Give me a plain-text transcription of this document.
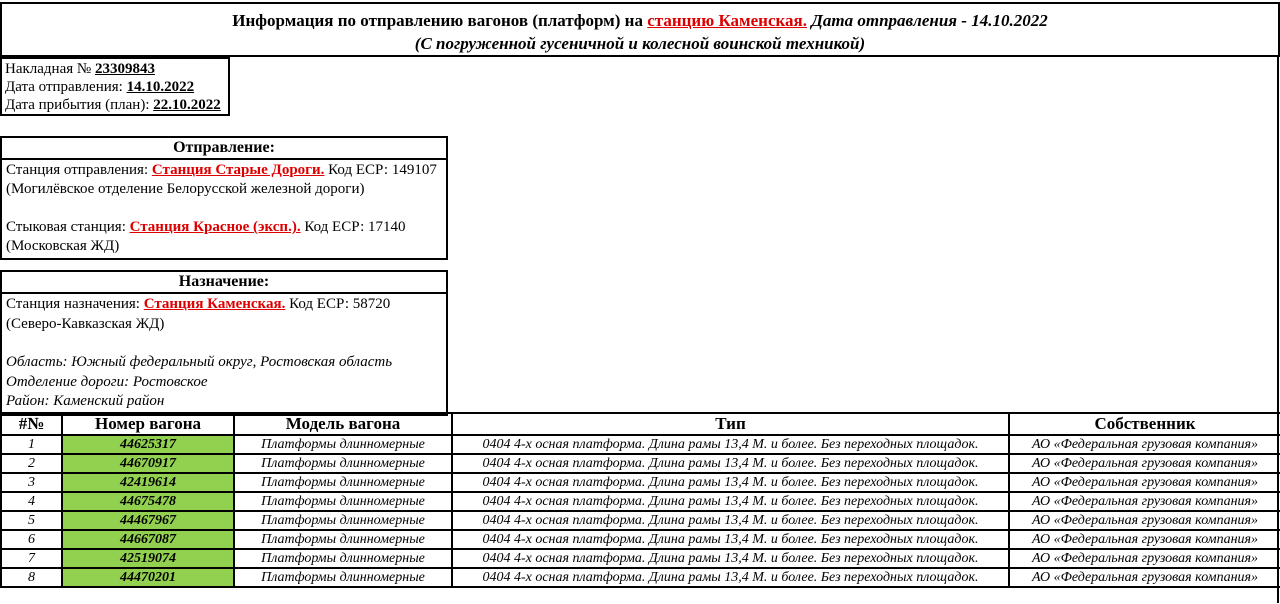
Информация по отправлению вагонов (платформ) на станцию Каменская. Дата отправления - 14.10.2022
(С погруженной гусеничной и колесной воинской техникой)
Накладная № 23309843
Дата отправления: 14.10.2022
Дата прибытия (план): 22.10.2022
Отправление:
Станция отправления: Станция Старые Дороги. Код ЕСР: 149107
(Могилёвское отделение Белорусской железной дороги)
Стыковая станция: Станция Красное (эксп.). Код ЕСР: 17140
(Московская ЖД)
Назначение:
Станция назначения: Станция Каменская. Код ЕСР: 58720
(Северо-Кавказская ЖД)
Область: Южный федеральный округ, Ростовская область
Отделение дороги: Ростовское
Район: Каменский район
#№	Номер вагона	Модель вагона	Тип	Собственник
1	44625317	Платформы длинномерные	0404 4-х осная платформа. Длина рамы 13,4 М. и более. Без переходных площадок.	АО «Федеральная грузовая компания»
2	44670917	Платформы длинномерные	0404 4-х осная платформа. Длина рамы 13,4 М. и более. Без переходных площадок.	АО «Федеральная грузовая компания»
3	42419614	Платформы длинномерные	0404 4-х осная платформа. Длина рамы 13,4 М. и более. Без переходных площадок.	АО «Федеральная грузовая компания»
4	44675478	Платформы длинномерные	0404 4-х осная платформа. Длина рамы 13,4 М. и более. Без переходных площадок.	АО «Федеральная грузовая компания»
5	44467967	Платформы длинномерные	0404 4-х осная платформа. Длина рамы 13,4 М. и более. Без переходных площадок.	АО «Федеральная грузовая компания»
6	44667087	Платформы длинномерные	0404 4-х осная платформа. Длина рамы 13,4 М. и более. Без переходных площадок.	АО «Федеральная грузовая компания»
7	42519074	Платформы длинномерные	0404 4-х осная платформа. Длина рамы 13,4 М. и более. Без переходных площадок.	АО «Федеральная грузовая компания»
8	44470201	Платформы длинномерные	0404 4-х осная платформа. Длина рамы 13,4 М. и более. Без переходных площадок.	АО «Федеральная грузовая компания»
